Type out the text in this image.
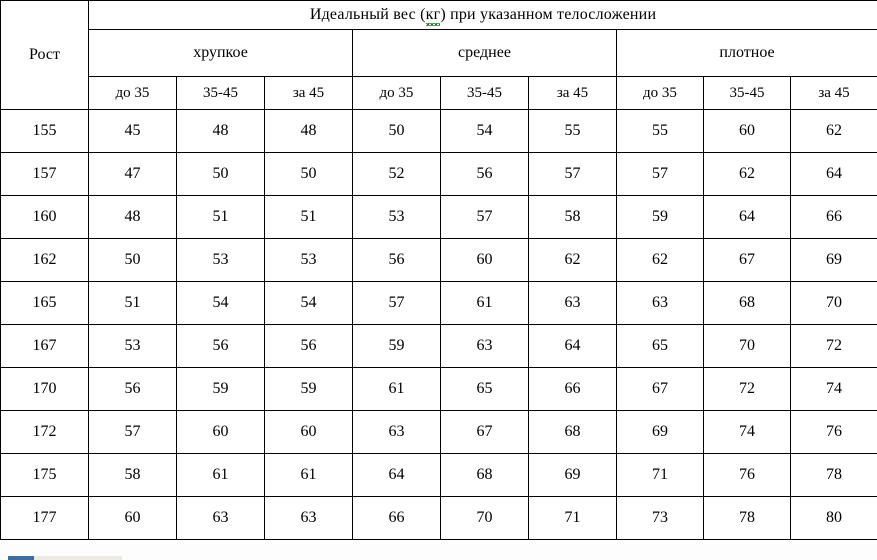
Рост	Идеальный вес (кг) при указанном телосложении								
	хрупкое			среднее			плотное		
	до 35	35-45	за 45	до 35	35-45	за 45	до 35	35-45	за 45
155	45	48	48	50	54	55	55	60	62
157	47	50	50	52	56	57	57	62	64
160	48	51	51	53	57	58	59	64	66
162	50	53	53	56	60	62	62	67	69
165	51	54	54	57	61	63	63	68	70
167	53	56	56	59	63	64	65	70	72
170	56	59	59	61	65	66	67	72	74
172	57	60	60	63	67	68	69	74	76
175	58	61	61	64	68	69	71	76	78
177	60	63	63	66	70	71	73	78	80
